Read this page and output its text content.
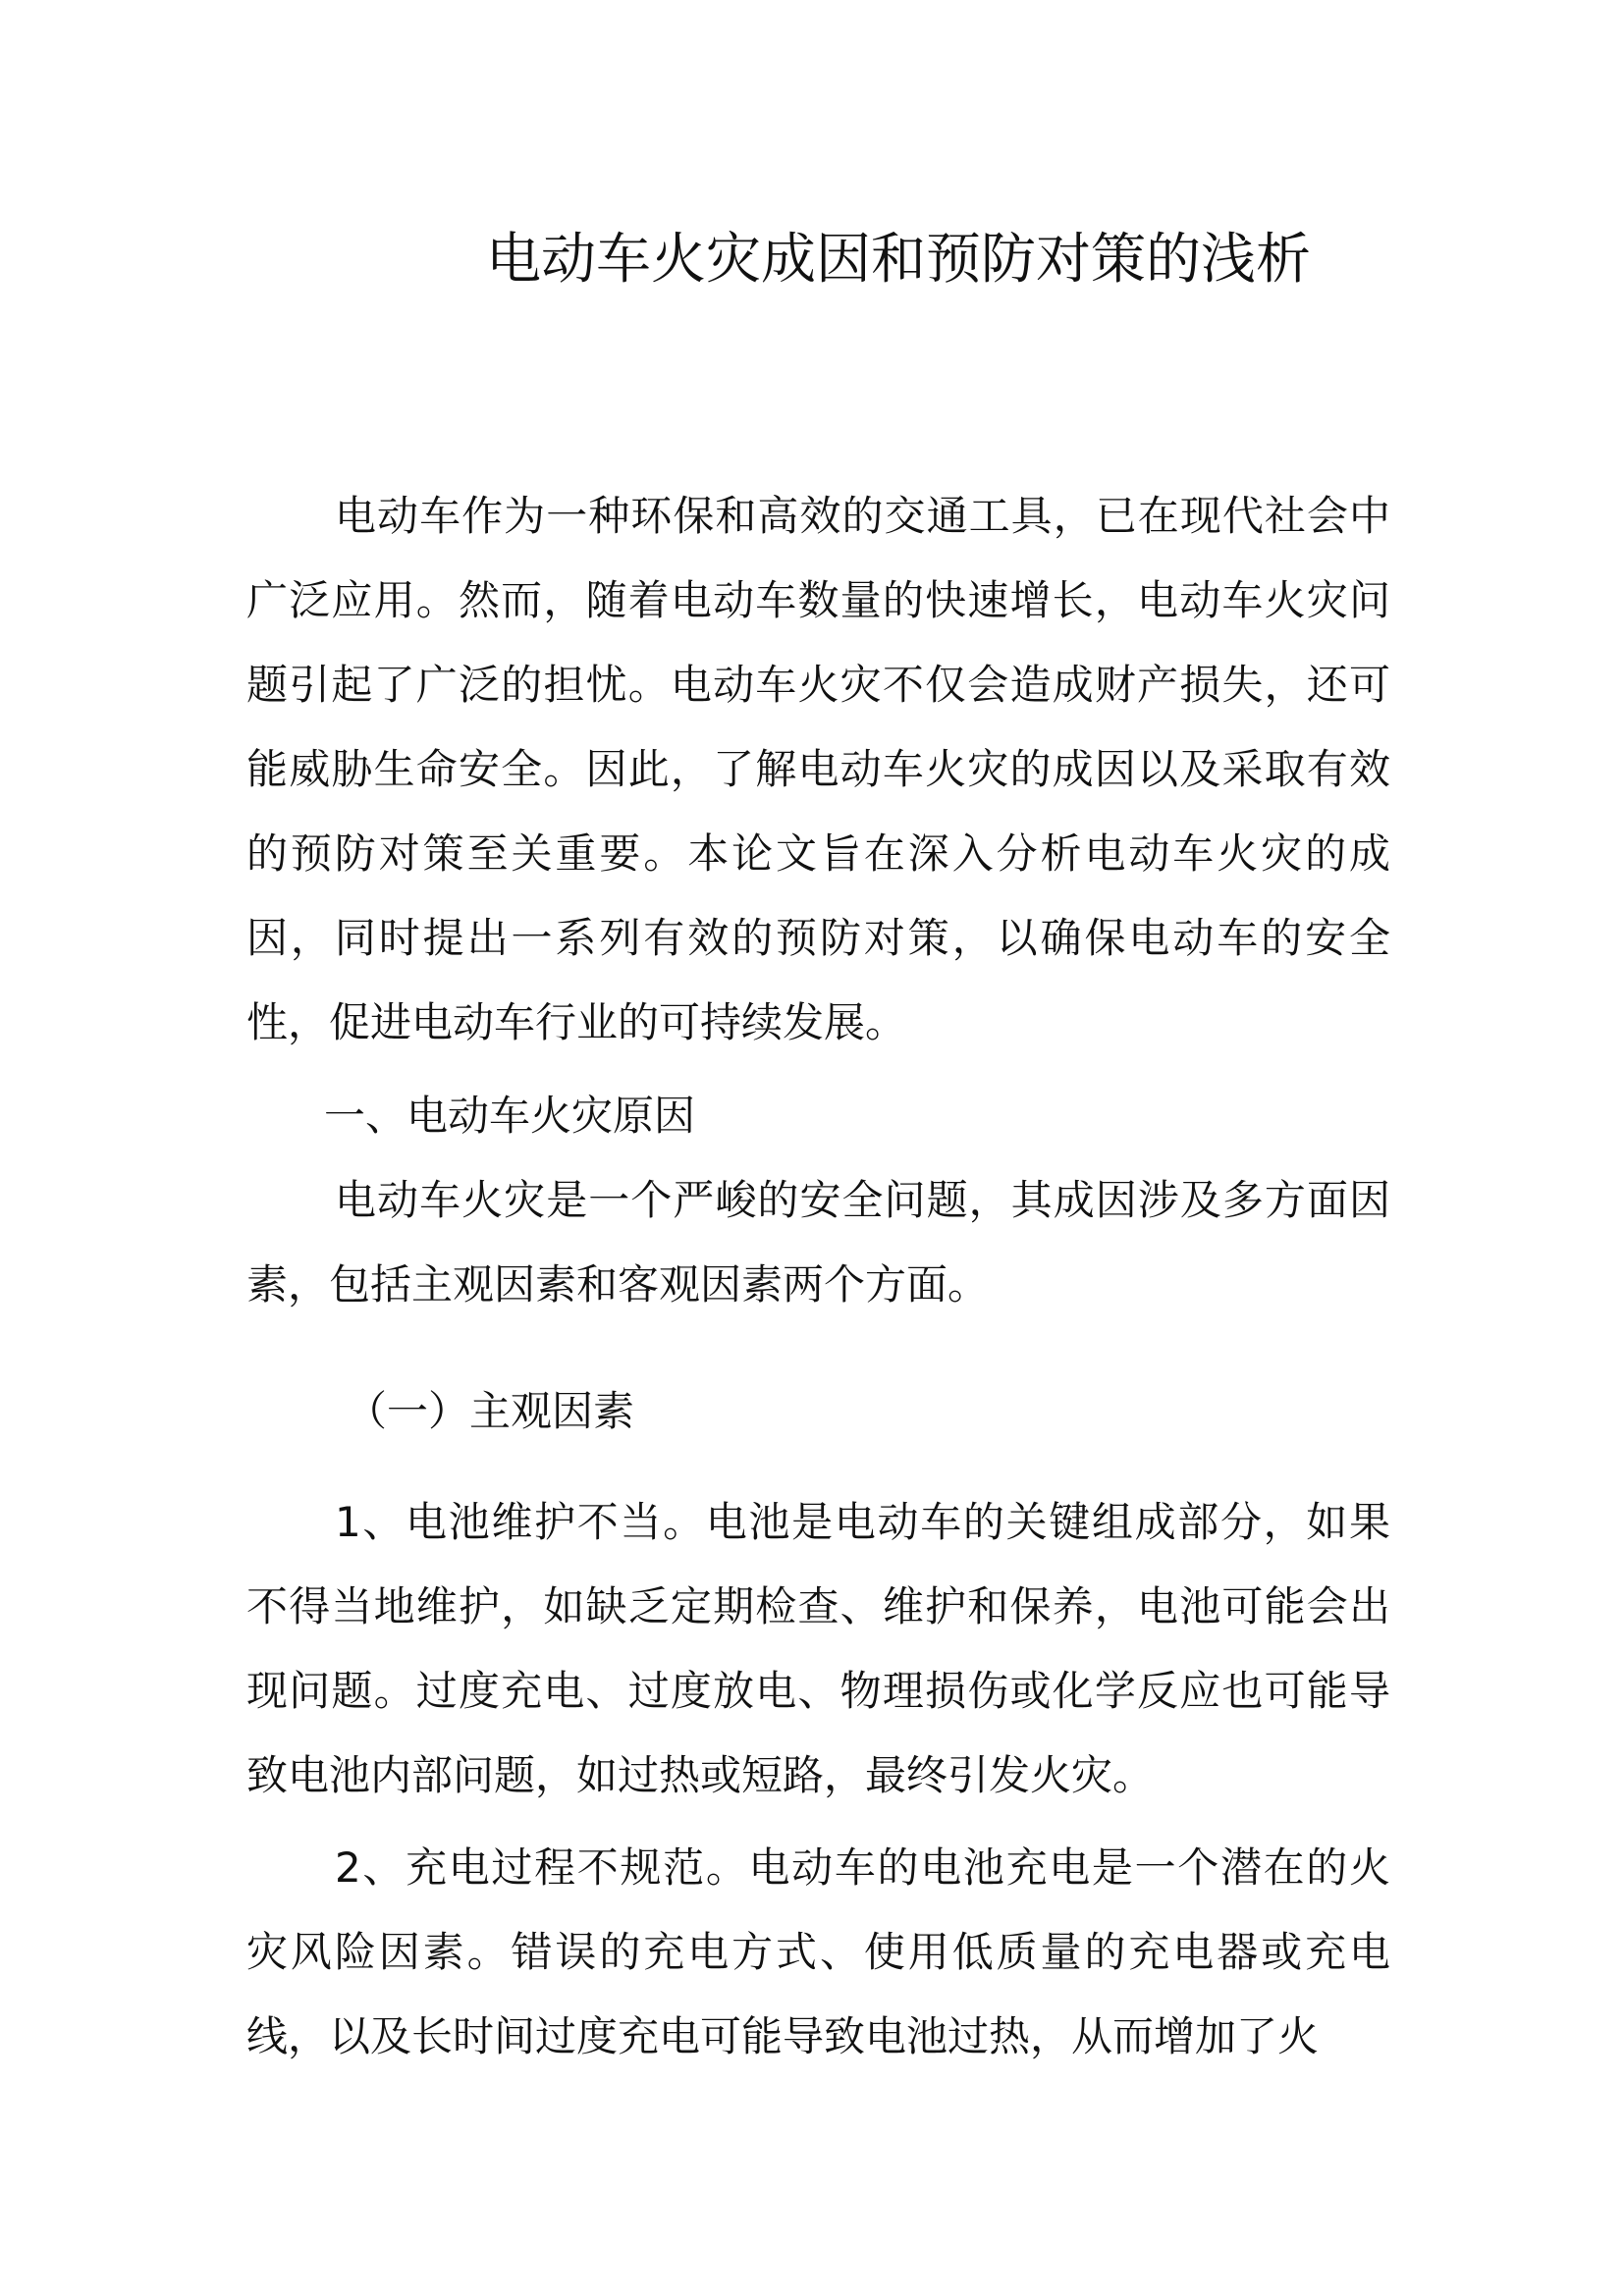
电动车火灾成因和预防对策的浅析

电动车作为一种环保和高效的交通工具，已在现代社会中广泛应用。然而，随着电动车数量的快速增长，电动车火灾问题引起了广泛的担忧。电动车火灾不仅会造成财产损失，还可能威胁生命安全。因此，了解电动车火灾的成因以及采取有效的预防对策至关重要。本论文旨在深入分析电动车火灾的成因，同时提出一系列有效的预防对策，以确保电动车的安全性，促进电动车行业的可持续发展。

一、电动车火灾原因

电动车火灾是一个严峻的安全问题，其成因涉及多方面因素，包括主观因素和客观因素两个方面。

（一）主观因素

1、电池维护不当。电池是电动车的关键组成部分，如果不得当地维护，如缺乏定期检查、维护和保养，电池可能会出现问题。过度充电、过度放电、物理损伤或化学反应也可能导致电池内部问题，如过热或短路，最终引发火灾。

2、充电过程不规范。电动车的电池充电是一个潜在的火灾风险因素。错误的充电方式、使用低质量的充电器或充电线，以及长时间过度充电可能导致电池过热，从而增加了火
